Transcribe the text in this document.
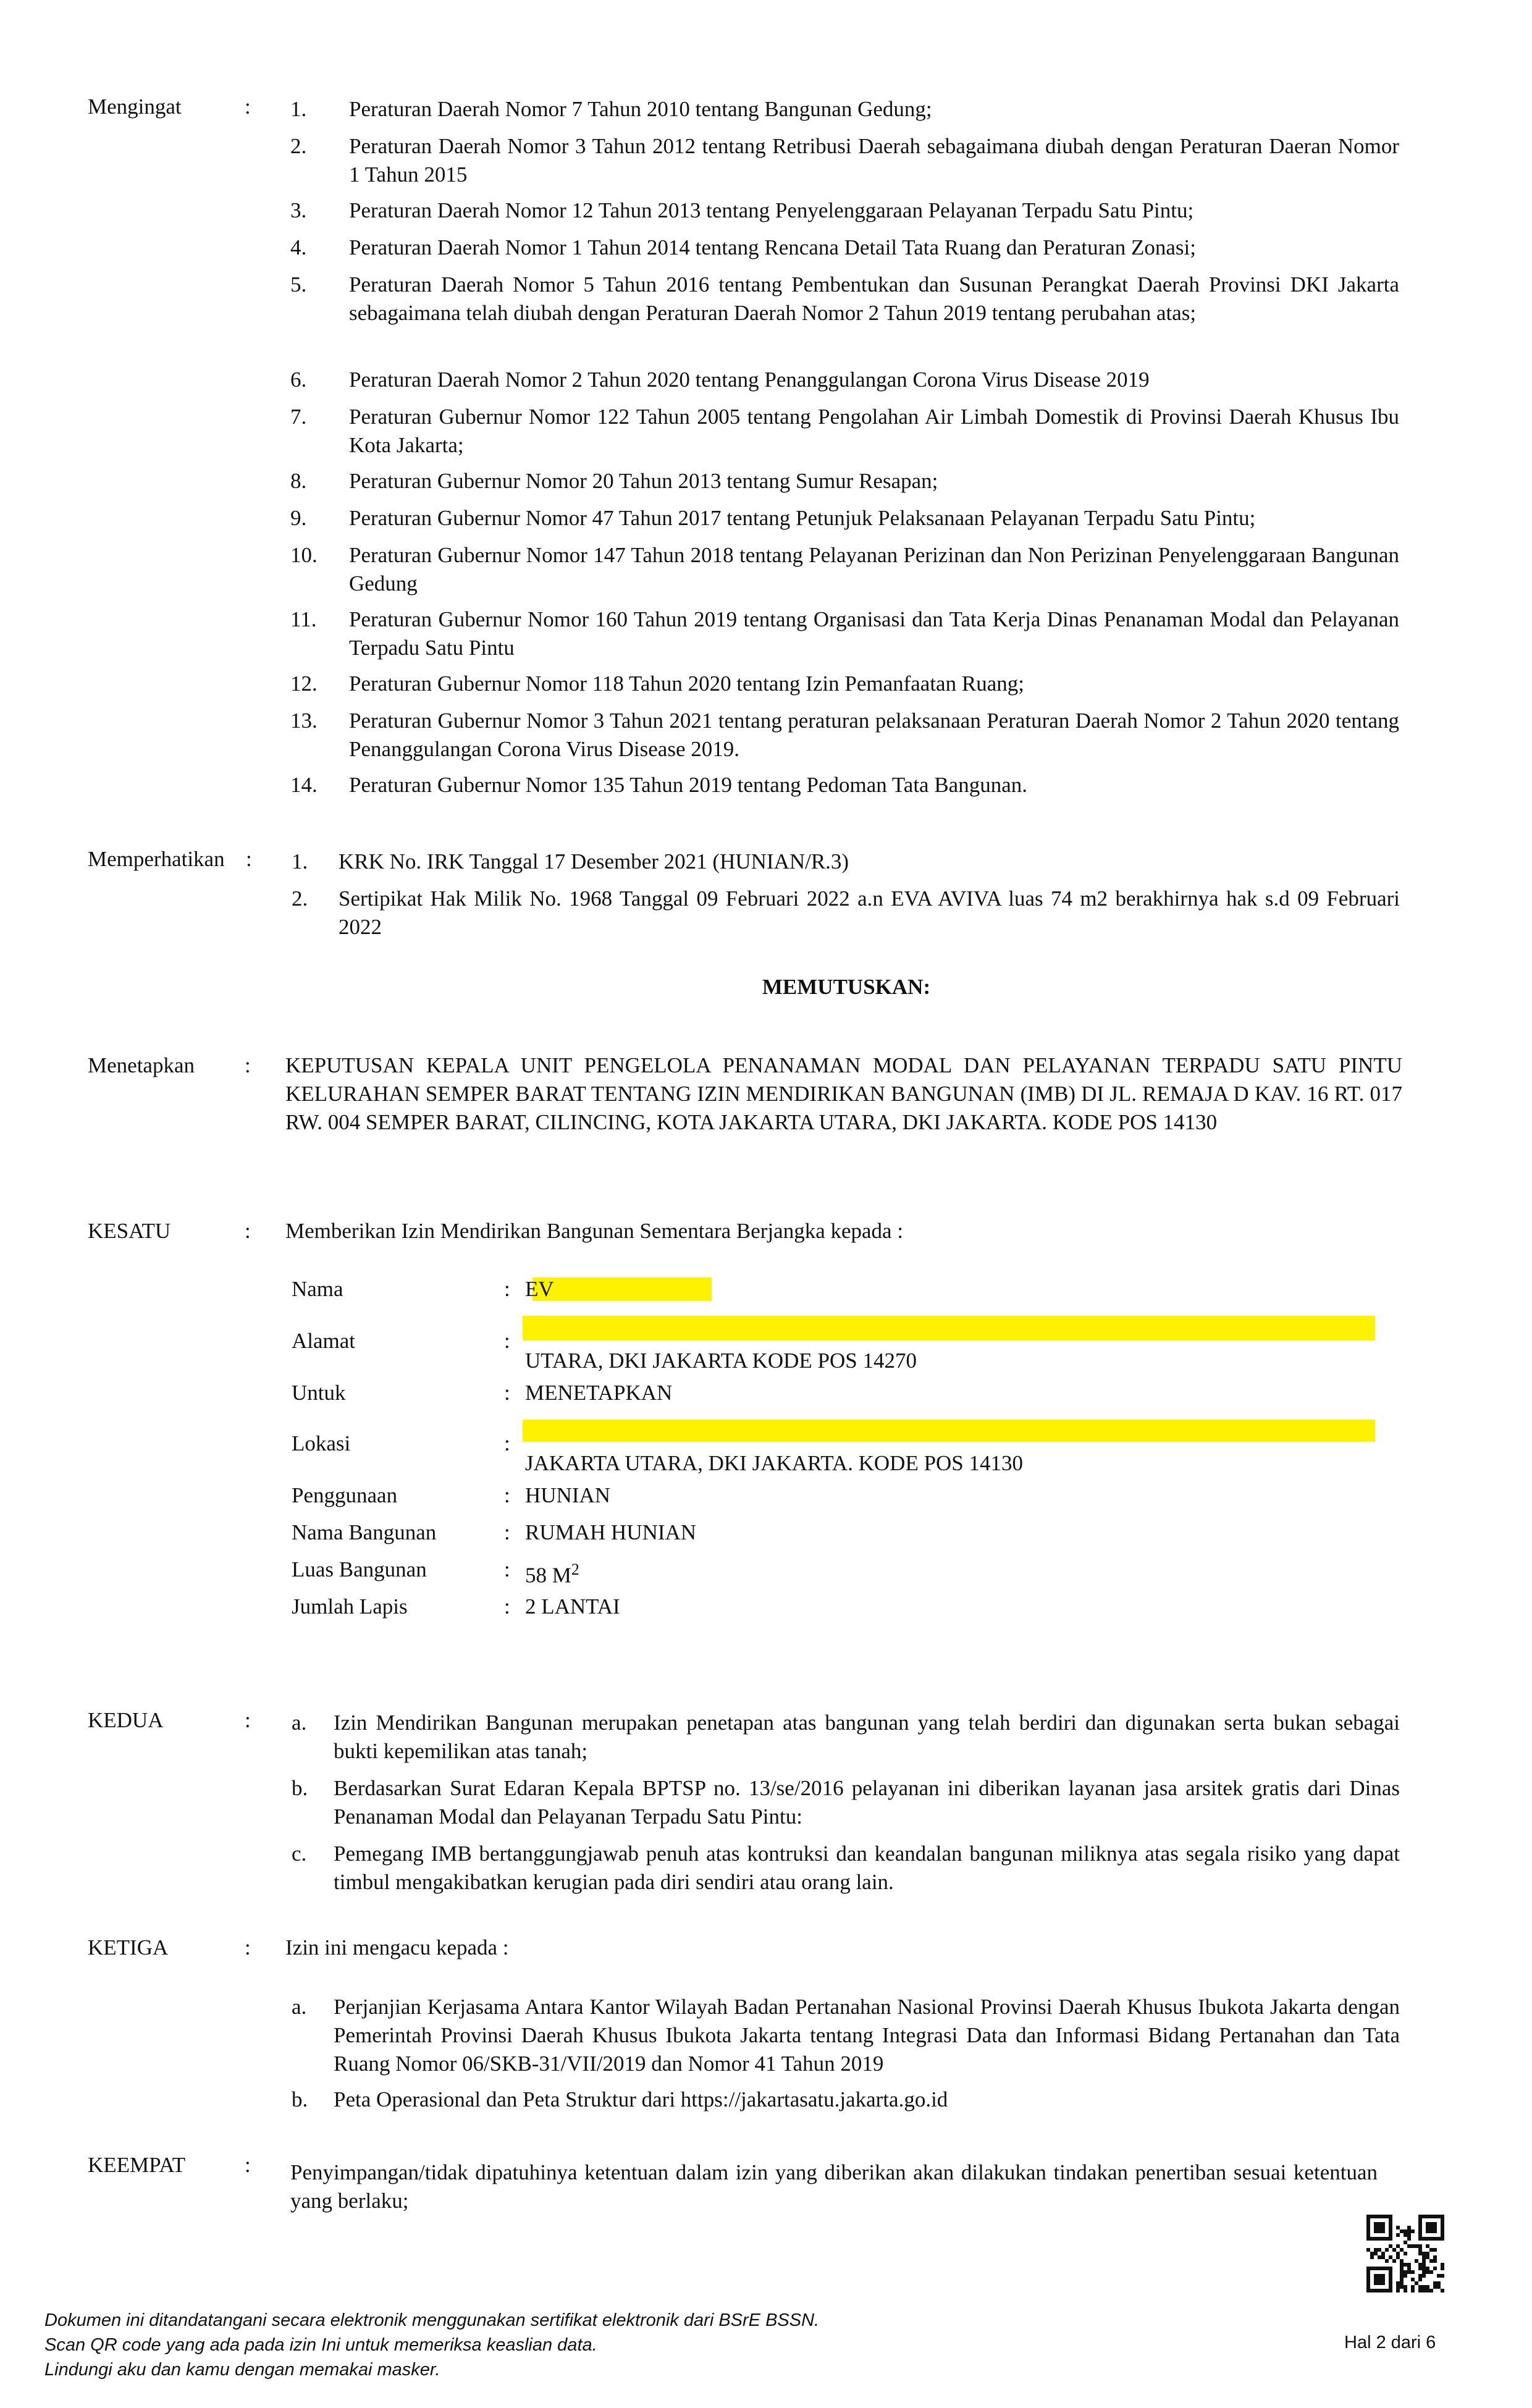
Mengingat	: 1. Peraturan Daerah Nomor 7 Tahun 2010 tentang Bangunan Gedung;
2. Peraturan Daerah Nomor 3 Tahun 2012 tentang Retribusi Daerah sebagaimana diubah dengan Peraturan Daeran Nomor 1 Tahun 2015
3. Peraturan Daerah Nomor 12 Tahun 2013 tentang Penyelenggaraan Pelayanan Terpadu Satu Pintu;
4. Peraturan Daerah Nomor 1 Tahun 2014 tentang Rencana Detail Tata Ruang dan Peraturan Zonasi;
5. Peraturan Daerah Nomor 5 Tahun 2016 tentang Pembentukan dan Susunan Perangkat Daerah Provinsi DKI Jakarta sebagaimana telah diubah dengan Peraturan Daerah Nomor 2 Tahun 2019 tentang perubahan atas;
6. Peraturan Daerah Nomor 2 Tahun 2020 tentang Penanggulangan Corona Virus Disease 2019
7. Peraturan Gubernur Nomor 122 Tahun 2005 tentang Pengolahan Air Limbah Domestik di Provinsi Daerah Khusus Ibu Kota Jakarta;
8. Peraturan Gubernur Nomor 20 Tahun 2013 tentang Sumur Resapan;
9. Peraturan Gubernur Nomor 47 Tahun 2017 tentang Petunjuk Pelaksanaan Pelayanan Terpadu Satu Pintu;
10. Peraturan Gubernur Nomor 147 Tahun 2018 tentang Pelayanan Perizinan dan Non Perizinan Penyelenggaraan Bangunan Gedung
11. Peraturan Gubernur Nomor 160 Tahun 2019 tentang Organisasi dan Tata Kerja Dinas Penanaman Modal dan Pelayanan Terpadu Satu Pintu
12. Peraturan Gubernur Nomor 118 Tahun 2020 tentang Izin Pemanfaatan Ruang;
13. Peraturan Gubernur Nomor 3 Tahun 2021 tentang peraturan pelaksanaan Peraturan Daerah Nomor 2 Tahun 2020 tentang Penanggulangan Corona Virus Disease 2019.
14. Peraturan Gubernur Nomor 135 Tahun 2019 tentang Pedoman Tata Bangunan.
Memperhatikan : 1. KRK No. IRK Tanggal 17 Desember 2021 (HUNIAN/R.3)
2. Sertipikat Hak Milik No. 1968 Tanggal 09 Februari 2022 a.n EVA AVIVA luas 74 m2 berakhirnya hak s.d 09 Februari 2022
MEMUTUSKAN:
Menetapkan : KEPUTUSAN KEPALA UNIT PENGELOLA PENANAMAN MODAL DAN PELAYANAN TERPADU SATU PINTU KELURAHAN SEMPER BARAT TENTANG IZIN MENDIRIKAN BANGUNAN (IMB) DI JL. REMAJA D KAV. 16 RT. 017 RW. 004 SEMPER BARAT, CILINCING, KOTA JAKARTA UTARA, DKI JAKARTA. KODE POS 14130
KESATU	: Memberikan Izin Mendirikan Bangunan Sementara Berjangka kepada :
Nama	: EV
Alamat	:
UTARA, DKI JAKARTA KODE POS 14270
Untuk	: MENETAPKAN
Lokasi	:
JAKARTA UTARA, DKI JAKARTA. KODE POS 14130
Penggunaan	: HUNIAN
Nama Bangunan	: RUMAH HUNIAN
Luas Bangunan	: 58 $M^2$
Jumlah Lapis	: 2 LANTAI
KEDUA	: a. Izin Mendirikan Bangunan merupakan penetapan atas bangunan yang telah berdiri dan digunakan serta bukan sebagai bukti kepemilikan atas tanah;
b. Berdasarkan Surat Edaran Kepala BPTSP no. 13/se/2016 pelayanan ini diberikan layanan jasa arsitek gratis dari Dinas Penanaman Modal dan Pelayanan Terpadu Satu Pintu:
c. Pemegang IMB bertanggungjawab penuh atas kontruksi dan keandalan bangunan miliknya atas segala risiko yang dapat timbul mengakibatkan kerugian pada diri sendiri atau orang lain.
KETIGA	: Izin ini mengacu kepada :
a. Perjanjian Kerjasama Antara Kantor Wilayah Badan Pertanahan Nasional Provinsi Daerah Khusus Ibukota Jakarta dengan Pemerintah Provinsi Daerah Khusus Ibukota Jakarta tentang Integrasi Data dan Informasi Bidang Pertanahan dan Tata Ruang Nomor 06/SKB-31/VII/2019 dan Nomor 41 Tahun 2019
b. Peta Operasional dan Peta Struktur dari https://jakartasatu.jakarta.go.id
KEEMPAT	: Penyimpangan/tidak dipatuhinya ketentuan dalam izin yang diberikan akan dilakukan tindakan penertiban sesuai ketentuan yang berlaku;
Dokumen ini ditandatangani secara elektronik menggunakan sertifikat elektronik dari BSrE BSSN.
Scan QR code yang ada pada izin Ini untuk memeriksa keaslian data.
Lindungi aku dan kamu dengan memakai masker.
Hal 2 dari 6
